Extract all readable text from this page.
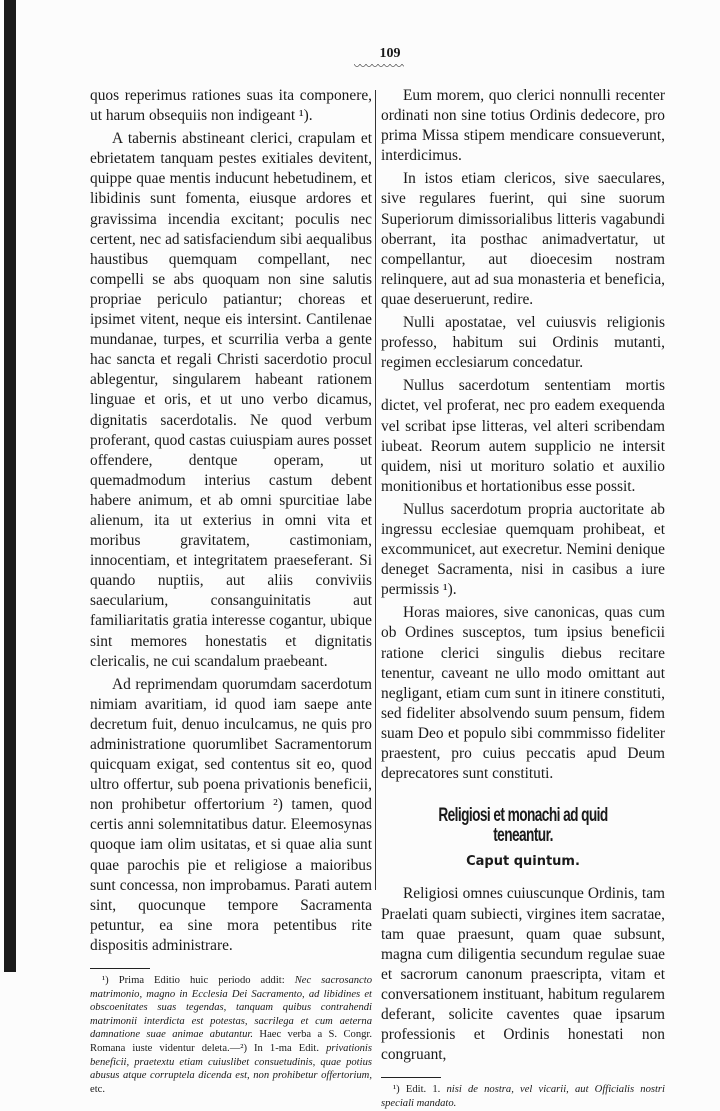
109

quos reperimus rationes suas ita componere, ut harum obsequiis non indigeant ¹).

A tabernis abstineant clerici, crapulam et ebrietatem tanquam pestes exitiales devitent, quippe quae mentis inducunt hebetudinem, et libidinis sunt fomenta, eiusque ardores et gravissima incendia excitant; poculis nec certent, nec ad satisfaciendum sibi aequalibus haustibus quemquam compellant, nec compelli se abs quoquam non sine salutis propriae periculo patiantur; choreas et ipsimet vitent, neque eis intersint. Cantilenae mundanae, turpes, et scurrilia verba a gente hac sancta et regali Christi sacerdotio procul ablegentur, singularem habeant rationem linguae et oris, et ut uno verbo dicamus, dignitatis sacerdotalis. Ne quod verbum proferant, quod castas cuiuspiam aures posset offendere, dentque operam, ut quemadmodum interius castum debent habere animum, et ab omni spurcitiae labe alienum, ita ut exterius in omni vita et moribus gravitatem, castimoniam, innocentiam, et integritatem praeseferant. Si quando nuptiis, aut aliis conviviis saecularium, consanguinitatis aut familiaritatis gratia interesse cogantur, ubique sint memores honestatis et dignitatis clericalis, ne cui scandalum praebeant.

Ad reprimendam quorumdam sacerdotum nimiam avaritiam, id quod iam saepe ante decretum fuit, denuo inculcamus, ne quis pro administratione quorumlibet Sacramentorum quicquam exigat, sed contentus sit eo, quod ultro offertur, sub poena privationis beneficii, non prohibetur offertorium ²) tamen, quod certis anni solemnitatibus datur. Eleemosynas quoque iam olim usitatas, et si quae alia sunt quae parochis pie et religiose a maioribus sunt concessa, non improbamus. Parati autem sint, quocunque tempore Sacramenta petuntur, ea sine mora petentibus rite dispositis administrare.

¹) Prima Editio huic periodo addit: Nec sacrosancto matrimonio, magno in Ecclesia Dei Sacramento, ad libidines et obscoenitates suas tegendas, tanquam quibus contrahendi matrimonii interdicta est potestas, sacrilega et cum aeterna damnatione suae animae abutantur. Haec verba a S. Congr. Romana iuste videntur deleta.—²) In 1-ma Edit. privationis beneficii, praetextu etiam cuiuslibet consuetudinis, quae potius abusus atque corruptela dicenda est, non prohibetur offertorium, etc.

Eum morem, quo clerici nonnulli recenter ordinati non sine totius Ordinis dedecore, pro prima Missa stipem mendicare consueverunt, interdicimus.

In istos etiam clericos, sive saeculares, sive regulares fuerint, qui sine suorum Superiorum dimissorialibus litteris vagabundi oberrant, ita posthac animadvertatur, ut compellantur, aut dioecesim nostram relinquere, aut ad sua monasteria et beneficia, quae deseruerunt, redire.

Nulli apostatae, vel cuiusvis religionis professo, habitum sui Ordinis mutanti, regimen ecclesiarum concedatur.

Nullus sacerdotum sententiam mortis dictet, vel proferat, nec pro eadem exequenda vel scribat ipse litteras, vel alteri scribendam iubeat. Reorum autem supplicio ne intersit quidem, nisi ut morituro solatio et auxilio monitionibus et hortationibus esse possit.

Nullus sacerdotum propria auctoritate ab ingressu ecclesiae quemquam prohibeat, et excommunicet, aut execretur. Nemini denique deneget Sacramenta, nisi in casibus a iure permissis ¹).

Horas maiores, sive canonicas, quas cum ob Ordines susceptos, tum ipsius beneficii ratione clerici singulis diebus recitare tenentur, caveant ne ullo modo omittant aut negligant, etiam cum sunt in itinere constituti, sed fideliter absolvendo suum pensum, fidem suam Deo et populo sibi commmisso fideliter praestent, pro cuius peccatis apud Deum deprecatores sunt constituti.

Religiosi et monachi ad quid teneantur.
Caput quintum.

Religiosi omnes cuiuscunque Ordinis, tam Praelati quam subiecti, virgines item sacratae, tam quae praesunt, quam quae subsunt, magna cum diligentia secundum regulae suae et sacrorum canonum praescripta, vitam et conversationem instituant, habitum regularem deferant, solicite caventes quae ipsarum professionis et Ordinis honestati non congruant,

¹) Edit. 1. nisi de nostra, vel vicarii, aut Officialis nostri speciali mandato.
